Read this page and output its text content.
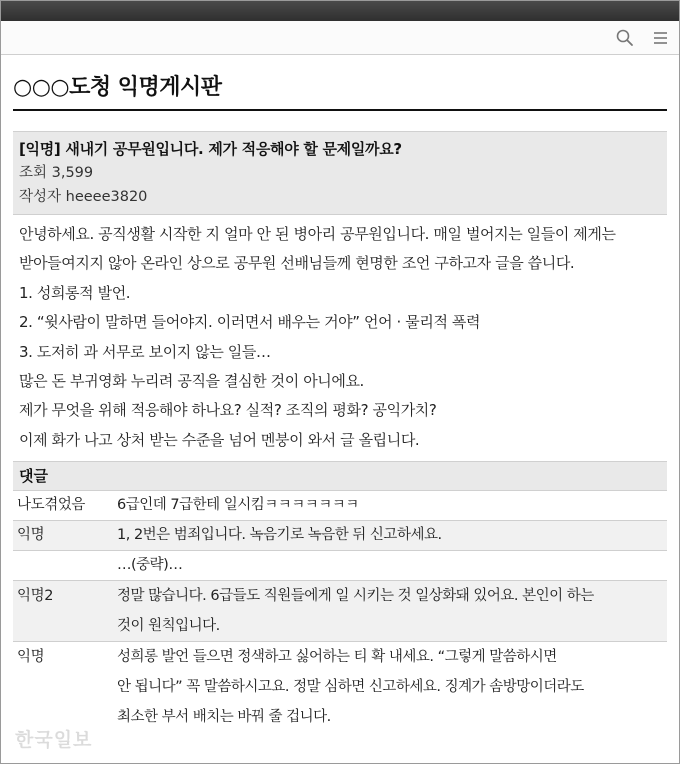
○○○도청 익명게시판
[익명] 새내기 공무원입니다. 제가 적응해야 할 문제일까요?
조회 3,599
작성자 heeee3820
안녕하세요. 공직생활 시작한 지 얼마 안 된 병아리 공무원입니다. 매일 벌어지는 일들이 제게는
받아들여지지 않아 온라인 상으로 공무원 선배님들께 현명한 조언 구하고자 글을 씁니다.
1. 성희롱적 발언.
2. “윗사람이 말하면 들어야지. 이러면서 배우는 거야” 언어 · 물리적 폭력
3. 도저히 과 서무로 보이지 않는 일들…
많은 돈 부귀영화 누리려 공직을 결심한 것이 아니에요.
제가 무엇을 위해 적응해야 하나요? 실적? 조직의 평화? 공익가치?
이제 화가 나고 상처 받는 수준을 넘어 멘붕이 와서 글 올립니다.
댓글
나도겪었음	6급인데 7급한테 일시킴ㅋㅋㅋㅋㅋㅋㅋ
익명	1, 2번은 범죄입니다. 녹음기로 녹음한 뒤 신고하세요.
…(중략)…
익명2	정말 많습니다. 6급들도 직원들에게 일 시키는 것 일상화돼 있어요. 본인이 하는
것이 원칙입니다.
익명	성희롱 발언 들으면 정색하고 싫어하는 티 확 내세요. “그렇게 말씀하시면
안 됩니다” 꼭 말씀하시고요. 정말 심하면 신고하세요. 징계가 솜방망이더라도
최소한 부서 배치는 바꿔 줄 겁니다.
한국일보
